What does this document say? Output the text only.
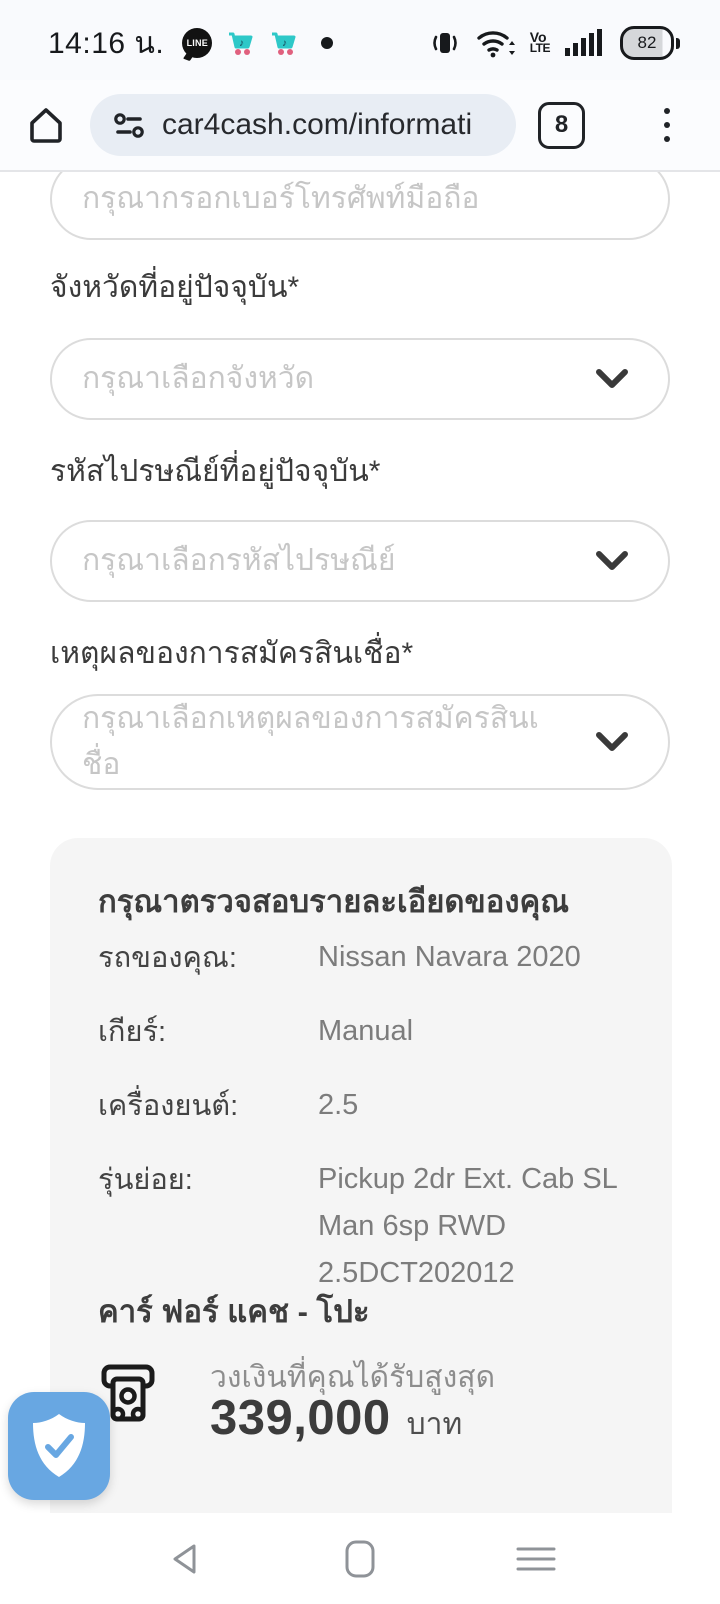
14:16 น. LINE	♪	♪	Vo
LTE	82
car4cash.com/informati	8
กรุณากรอกเบอร์โทรศัพท์มือถือ
จังหวัดที่อยู่ปัจจุบัน*
กรุณาเลือกจังหวัด
รหัสไปรษณีย์ที่อยู่ปัจจุบัน*
กรุณาเลือกรหัสไปรษณีย์
เหตุผลของการสมัครสินเชื่อ*
กรุณาเลือกเหตุผลของการสมัครสินเชื่อ
กรุณาตรวจสอบรายละเอียดของคุณ
รถของคุณ:	Nissan Navara 2020
เกียร์:	Manual
เครื่องยนต์:	2.5
รุ่นย่อย:	Pickup 2dr Ext. Cab SL Man 6sp RWD 2.5DCT202012
คาร์ ฟอร์ แคช - โปะ
วงเงินที่คุณได้รับสูงสุด
339,000 บาท
